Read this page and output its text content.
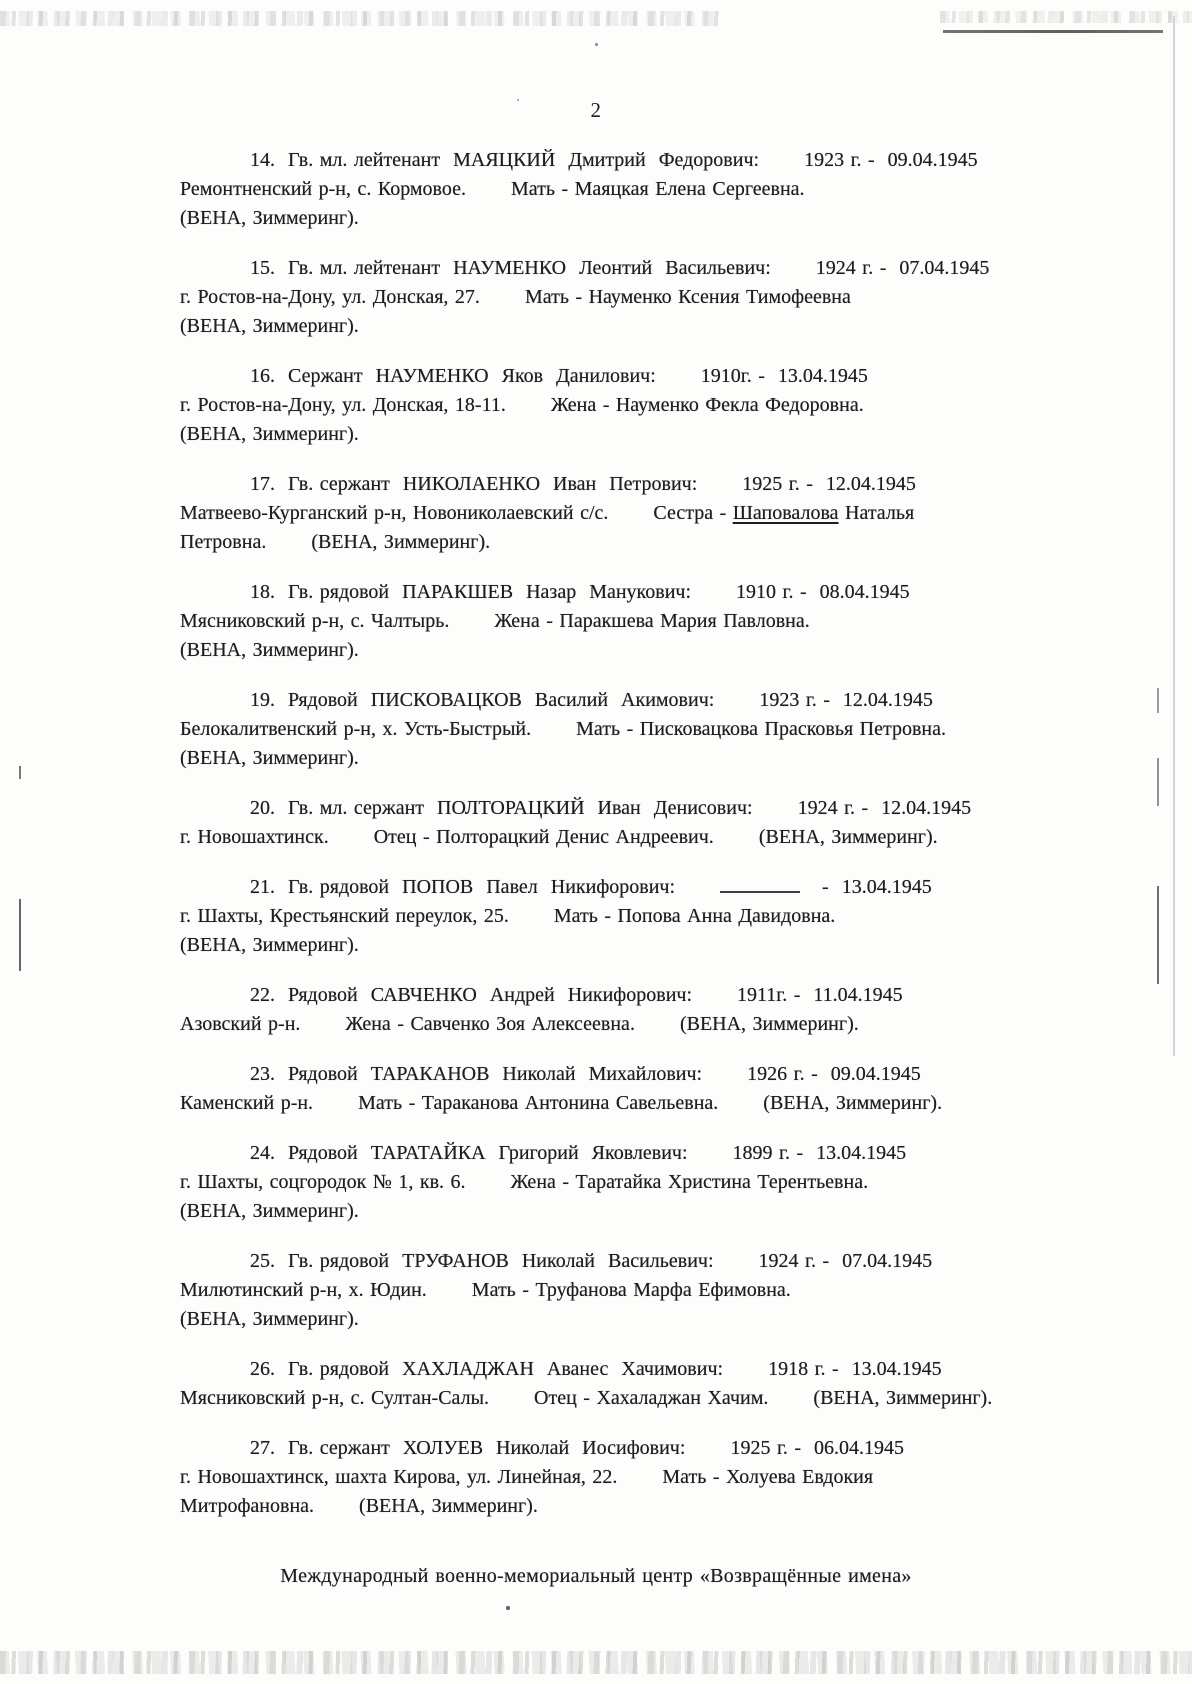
2
14.  Гв. мл. лейтенант  МАЯЦКИЙ  Дмитрий  Федорович: 1923 г. -  09.04.1945
Ремонтненский р-н, с. Кормовое. Мать - Маяцкая Елена Сергеевна.
(ВЕНА, Зиммеринг).
15.  Гв. мл. лейтенант  НАУМЕНКО  Леонтий  Васильевич: 1924 г. -  07.04.1945
г. Ростов-на-Дону, ул. Донская, 27. Мать - Науменко Ксения Тимофеевна
(ВЕНА, Зиммеринг).
16.  Сержант  НАУМЕНКО  Яков  Данилович: 1910г. -  13.04.1945
г. Ростов-на-Дону, ул. Донская, 18-11. Жена - Науменко Фекла Федоровна.
(ВЕНА, Зиммеринг).
17.  Гв. сержант  НИКОЛАЕНКО  Иван  Петрович: 1925 г. -  12.04.1945
Матвеево-Курганский р-н, Новониколаевский с/с. Сестра - Шаповалова Наталья
Петровна. (ВЕНА, Зиммеринг).
18.  Гв. рядовой  ПАРАКШЕВ  Назар  Манукович: 1910 г. -  08.04.1945
Мясниковский р-н, с. Чалтырь. Жена - Паракшева Мария Павловна.
(ВЕНА, Зиммеринг).
19.  Рядовой  ПИСКОВАЦКОВ  Василий  Акимович: 1923 г. -  12.04.1945
Белокалитвенский р-н, х. Усть-Быстрый. Мать - Писковацкова Прасковья Петровна.
(ВЕНА, Зиммеринг).
20.  Гв. мл. сержант  ПОЛТОРАЦКИЙ  Иван  Денисович: 1924 г. -  12.04.1945
г. Новошахтинск. Отец - Полторацкий Денис Андреевич. (ВЕНА, Зиммеринг).
21.  Гв. рядовой  ПОПОВ  Павел  Никифорович:	-  13.04.1945
г. Шахты, Крестьянский переулок, 25. Мать - Попова Анна Давидовна.
(ВЕНА, Зиммеринг).
22.  Рядовой  САВЧЕНКО  Андрей  Никифорович: 1911г. -  11.04.1945
Азовский р-н. Жена - Савченко Зоя Алексеевна. (ВЕНА, Зиммеринг).
23.  Рядовой  ТАРАКАНОВ  Николай  Михайлович: 1926 г. -  09.04.1945
Каменский р-н. Мать - Тараканова Антонина Савельевна. (ВЕНА, Зиммеринг).
24.  Рядовой  ТАРАТАЙКА  Григорий  Яковлевич: 1899 г. -  13.04.1945
г. Шахты, соцгородок № 1, кв. 6. Жена - Таратайка Христина Терентьевна.
(ВЕНА, Зиммеринг).
25.  Гв. рядовой  ТРУФАНОВ  Николай  Васильевич: 1924 г. -  07.04.1945
Милютинский р-н, х. Юдин. Мать - Труфанова Марфа Ефимовна.
(ВЕНА, Зиммеринг).
26.  Гв. рядовой  ХАХЛАДЖАН  Аванес  Хачимович: 1918 г. -  13.04.1945
Мясниковский р-н, с. Султан-Салы. Отец - Хахаладжан Хачим. (ВЕНА, Зиммеринг).
27.  Гв. сержант  ХОЛУЕВ  Николай  Иосифович: 1925 г. -  06.04.1945
г. Новошахтинск, шахта Кирова, ул. Линейная, 22. Мать - Холуева Евдокия
Митрофановна. (ВЕНА, Зиммеринг).
Международный военно-мемориальный центр «Возвращённые имена»
